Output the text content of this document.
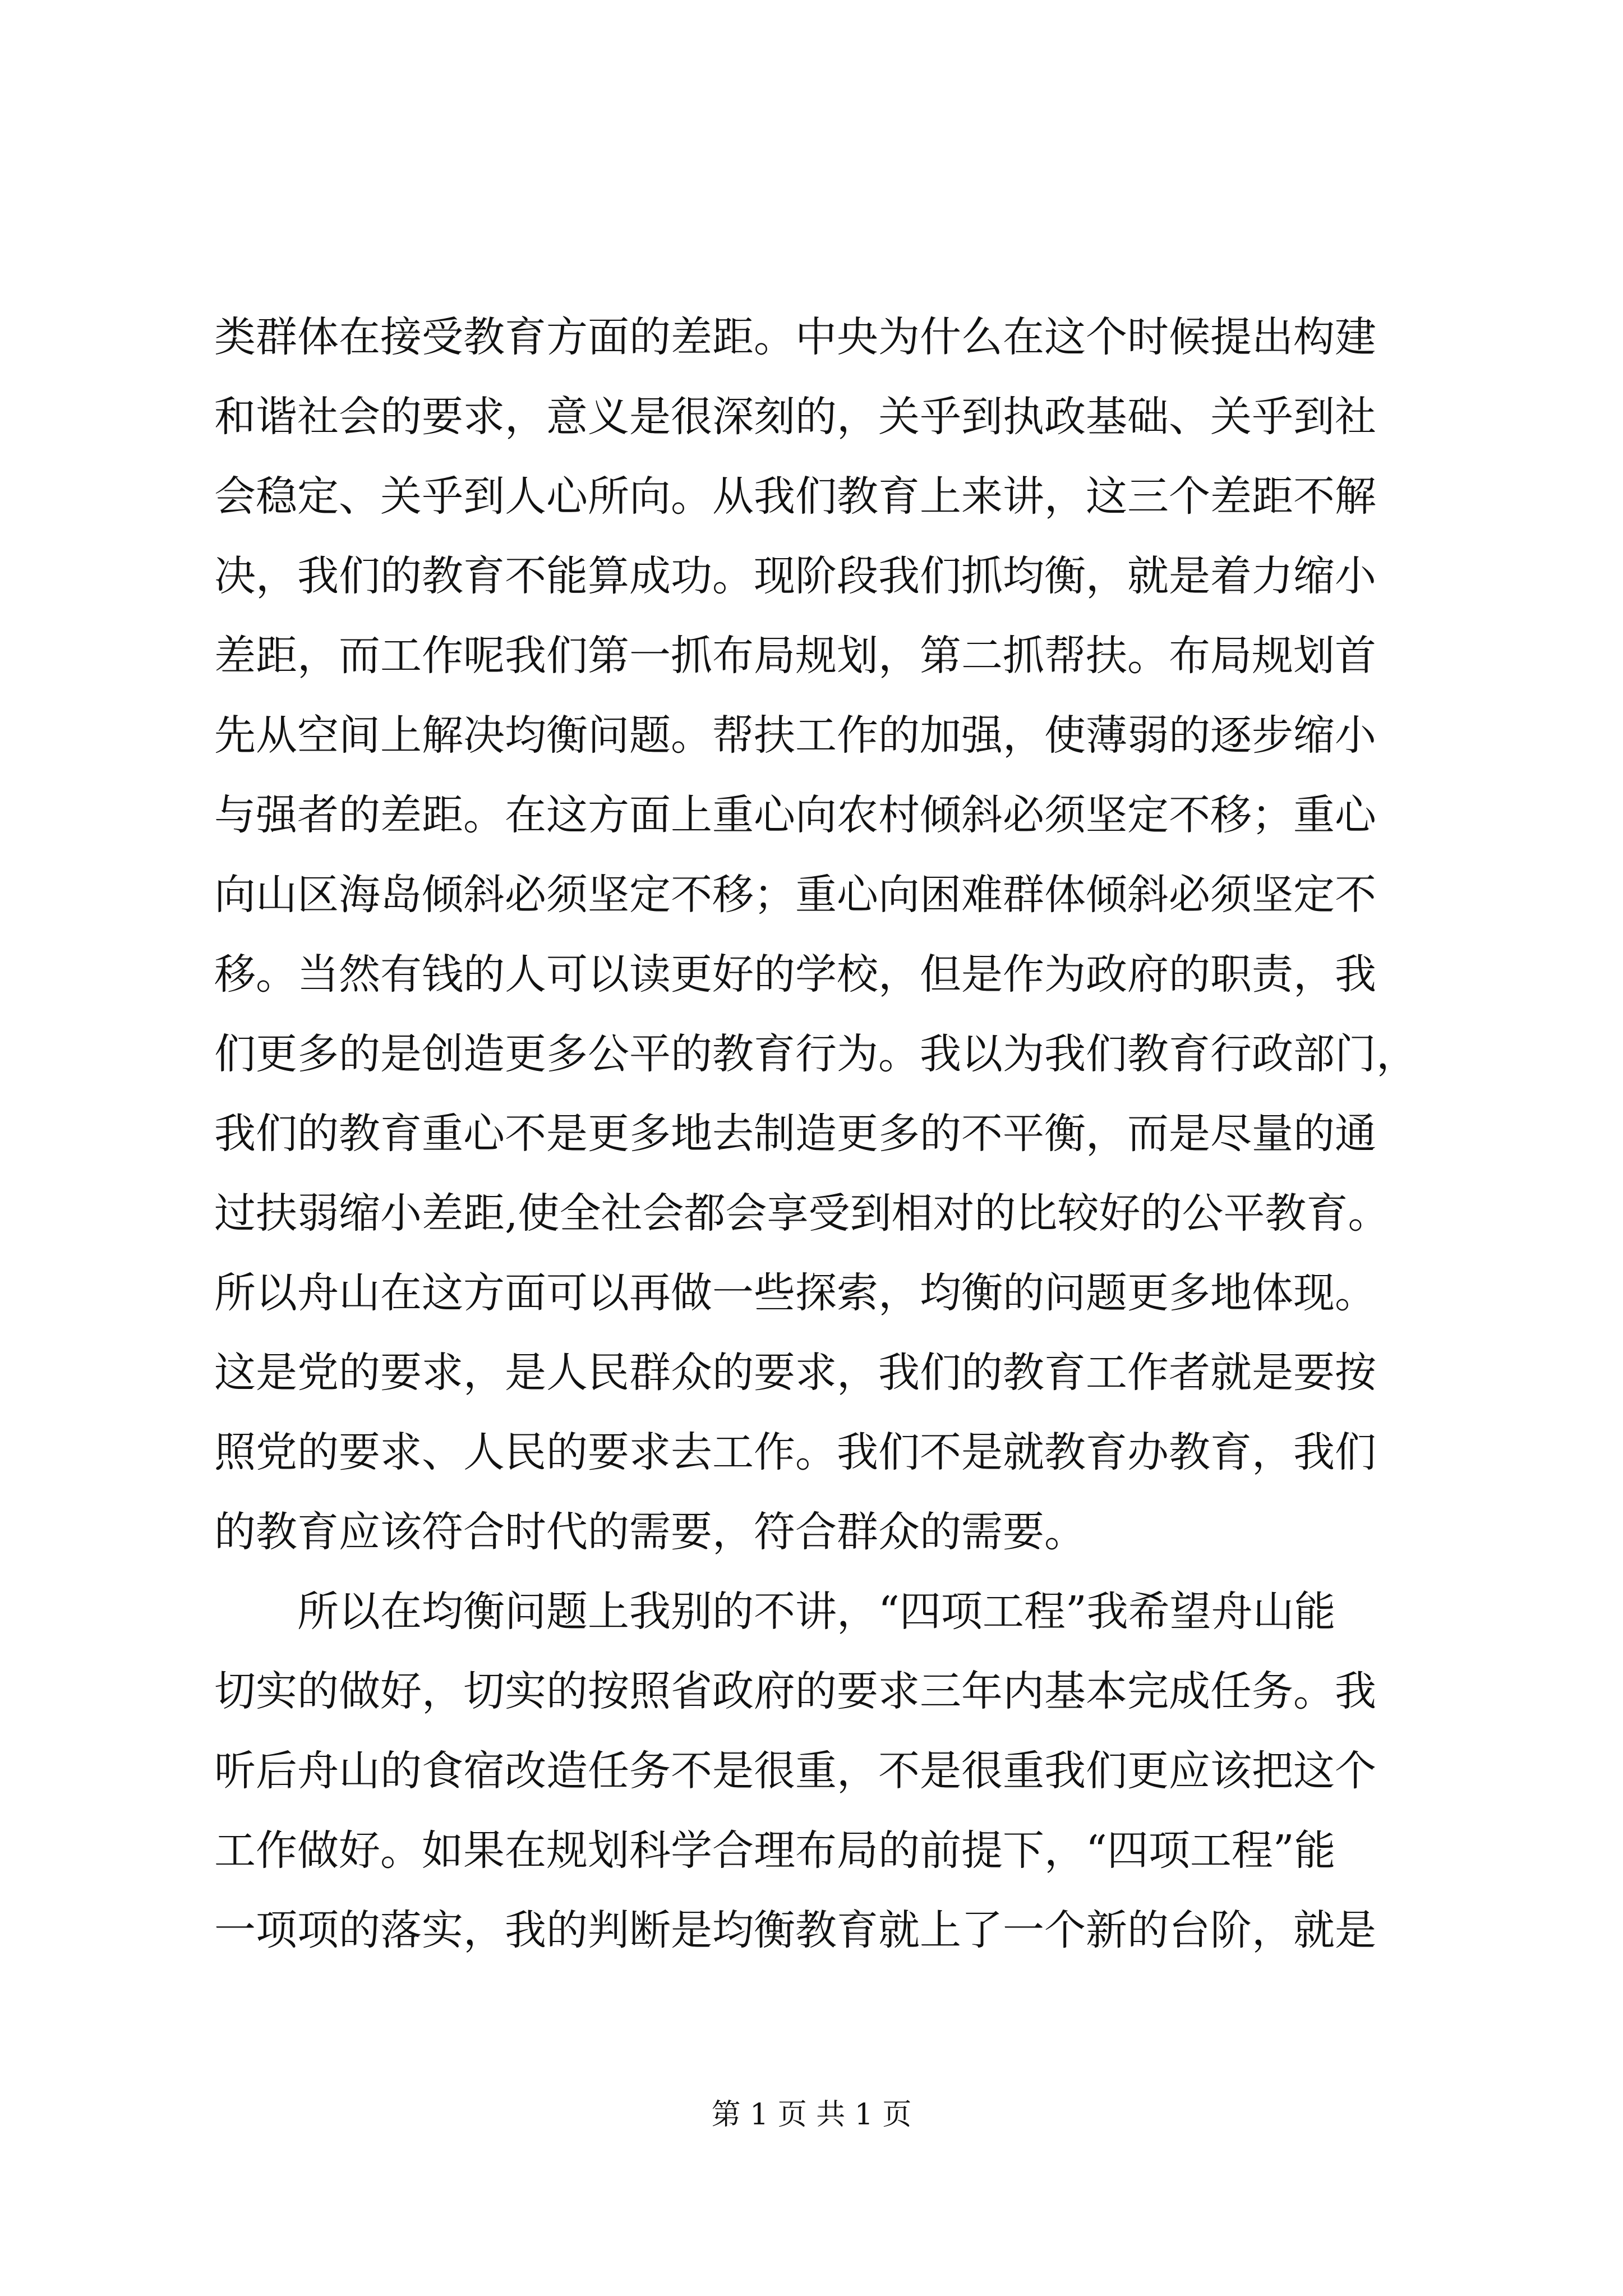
类群体在接受教育方面的差距。中央为什么在这个时候提出构建
和谐社会的要求，意义是很深刻的，关乎到执政基础、关乎到社
会稳定、关乎到人心所向。从我们教育上来讲，这三个差距不解
决，我们的教育不能算成功。现阶段我们抓均衡，就是着力缩小
差距，而工作呢我们第一抓布局规划，第二抓帮扶。布局规划首
先从空间上解决均衡问题。帮扶工作的加强，使薄弱的逐步缩小
与强者的差距。在这方面上重心向农村倾斜必须坚定不移；重心
向山区海岛倾斜必须坚定不移；重心向困难群体倾斜必须坚定不
移。当然有钱的人可以读更好的学校，但是作为政府的职责，我
们更多的是创造更多公平的教育行为。我以为我们教育行政部门，
我们的教育重心不是更多地去制造更多的不平衡，而是尽量的通
过扶弱缩小差距,使全社会都会享受到相对的比较好的公平教育。
所以舟山在这方面可以再做一些探索，均衡的问题更多地体现。
这是党的要求，是人民群众的要求，我们的教育工作者就是要按
照党的要求、人民的要求去工作。我们不是就教育办教育，我们
的教育应该符合时代的需要，符合群众的需要。
所以在均衡问题上我别的不讲，“四项工程”我希望舟山能
切实的做好，切实的按照省政府的要求三年内基本完成任务。我
听后舟山的食宿改造任务不是很重，不是很重我们更应该把这个
工作做好。如果在规划科学合理布局的前提下，“四项工程”能
一项项的落实，我的判断是均衡教育就上了一个新的台阶，就是
第 1 页 共 1 页
